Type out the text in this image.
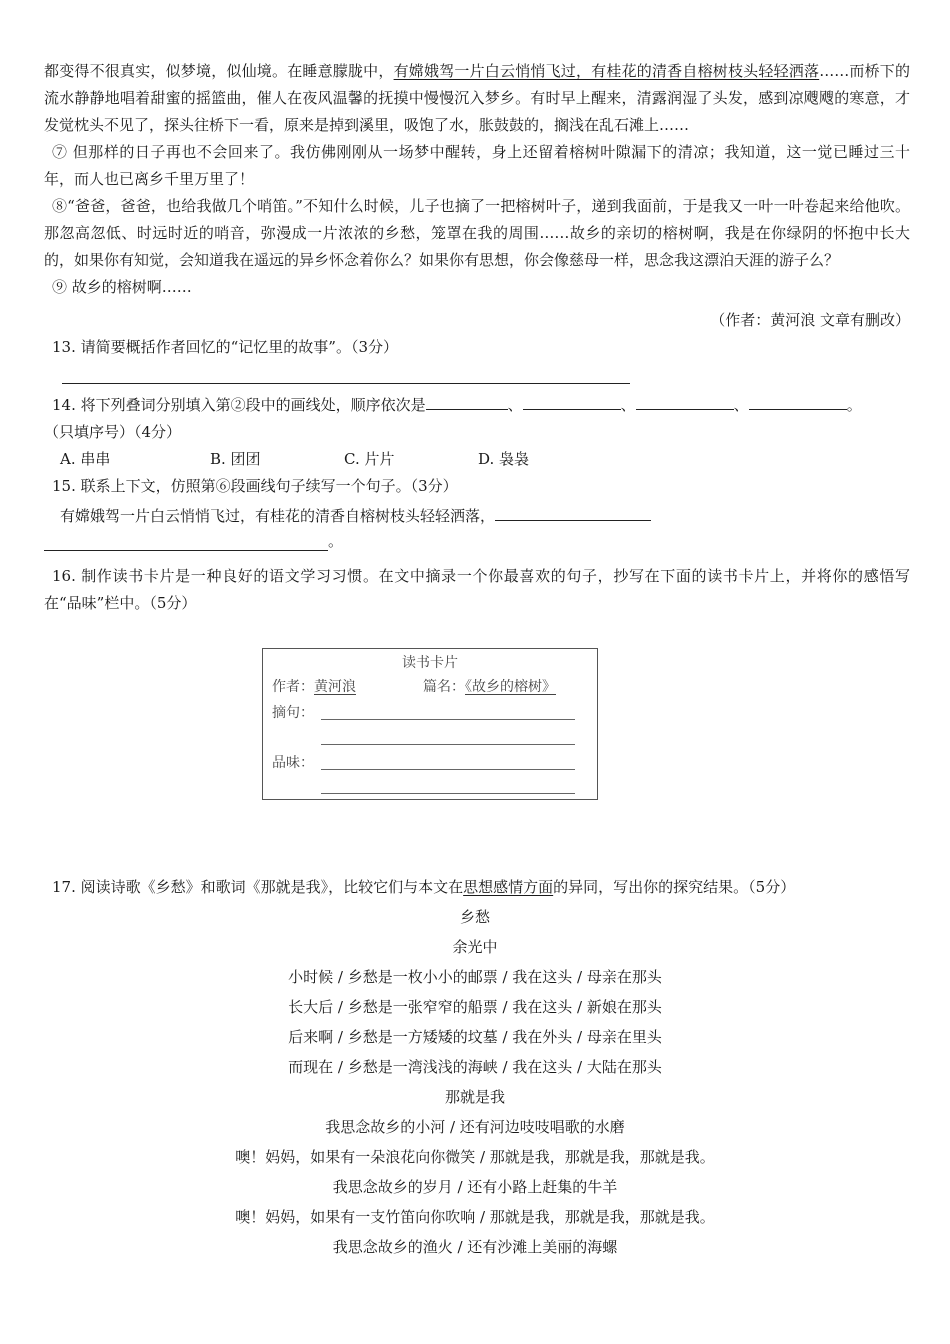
都变得不很真实，似梦境，似仙境。在睡意朦胧中，有嫦娥驾一片白云悄悄飞过，有桂花的清香自榕树枝头轻轻洒落……而桥下的流水静静地唱着甜蜜的摇篮曲，催人在夜风温馨的抚摸中慢慢沉入梦乡。有时早上醒来，清露润湿了头发，感到凉飕飕的寒意，才发觉枕头不见了，探头往桥下一看，原来是掉到溪里，吸饱了水，胀鼓鼓的，搁浅在乱石滩上……

⑦ 但那样的日子再也不会回来了。我仿佛刚刚从一场梦中醒转，身上还留着榕树叶隙漏下的清凉；我知道，这一觉已睡过三十年，而人也已离乡千里万里了！

⑧“爸爸，爸爸，也给我做几个哨笛。”不知什么时候，儿子也摘了一把榕树叶子，递到我面前，于是我又一叶一叶卷起来给他吹。那忽高忽低、时远时近的哨音，弥漫成一片浓浓的乡愁，笼罩在我的周围……故乡的亲切的榕树啊，我是在你绿阴的怀抱中长大的，如果你有知觉，会知道我在遥远的异乡怀念着你么？如果你有思想，你会像慈母一样，思念我这漂泊天涯的游子么？

⑨ 故乡的榕树啊……

（作者：黄河浪 文章有删改）

13. 请简要概括作者回忆的“记忆里的故事”。（3分）

14. 将下列叠词分别填入第②段中的画线处，顺序依次是	、	、	、	。

（只填序号）（4分）

A. 串串	B. 团团	C. 片片	D. 袅袅

15. 联系上下文，仿照第⑥段画线句子续写一个句子。（3分）

有嫦娥驾一片白云悄悄飞过，有桂花的清香自榕树枝头轻轻洒落，

。

16. 制作读书卡片是一种良好的语文学习习惯。在文中摘录一个你最喜欢的句子，抄写在下面的读书卡片上，并将你的感悟写在“品味”栏中。（5分）

读书卡片
作者：黄河浪	篇名：《故乡的榕树》
摘句：
品味：

17. 阅读诗歌《乡愁》和歌词《那就是我》，比较它们与本文在思想感情方面的异同，写出你的探究结果。（5分）

乡愁

余光中

小时候 / 乡愁是一枚小小的邮票 / 我在这头 / 母亲在那头

长大后 / 乡愁是一张窄窄的船票 / 我在这头 / 新娘在那头

后来啊 / 乡愁是一方矮矮的坟墓 / 我在外头 / 母亲在里头

而现在 / 乡愁是一湾浅浅的海峡 / 我在这头 / 大陆在那头

那就是我

我思念故乡的小河 / 还有河边吱吱唱歌的水磨

噢！妈妈，如果有一朵浪花向你微笑 / 那就是我，那就是我，那就是我。

我思念故乡的岁月 / 还有小路上赶集的牛羊

噢！妈妈，如果有一支竹笛向你吹响 / 那就是我，那就是我，那就是我。

我思念故乡的渔火 / 还有沙滩上美丽的海螺
